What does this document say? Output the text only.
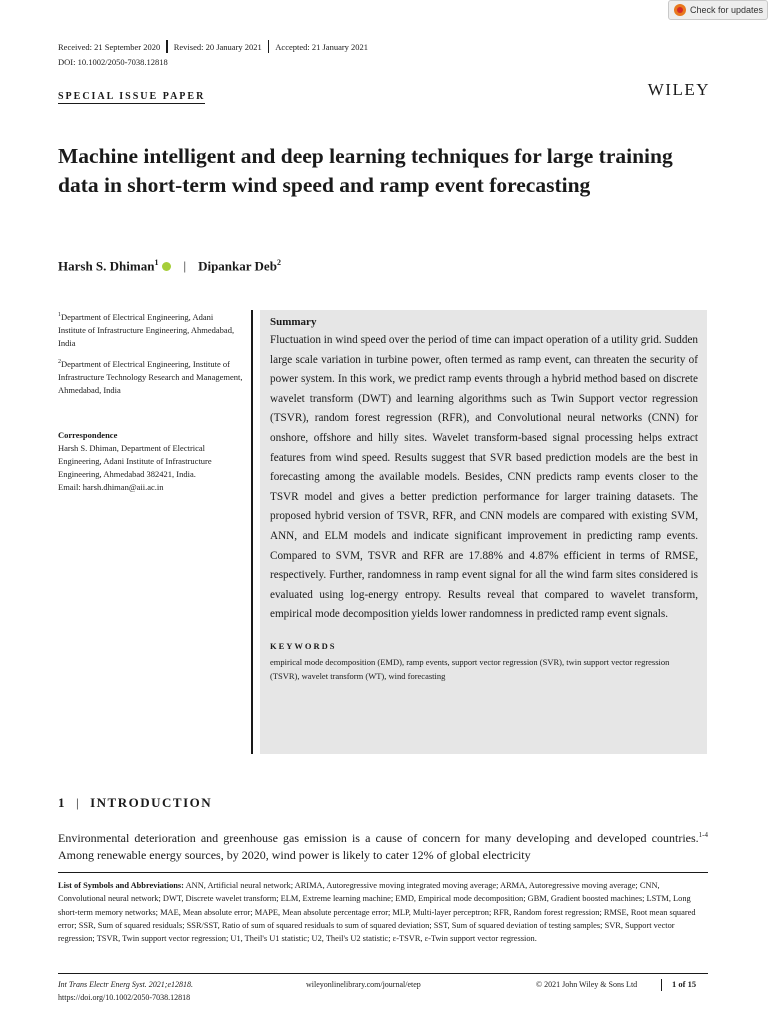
Check for updates
Received: 21 September 2020 Revised: 20 January 2021 Accepted: 21 January 2021
DOI: 10.1002/2050-7038.12818
SPECIAL ISSUE PAPER	WILEY
Machine intelligent and deep learning techniques for large training data in short-term wind speed and ramp event forecasting
Harsh S. Dhiman$^1$ | Dipankar Deb$^2$

$^1$Department of Electrical Engineering, Adani Institute of Infrastructure Engineering, Ahmedabad, India

$^2$Department of Electrical Engineering, Institute of Infrastructure Technology Research and Management, Ahmedabad, India

Correspondence
Harsh S. Dhiman, Department of Electrical Engineering, Adani Institute of Infrastructure Engineering, Ahmedabad 382421, India.
Email: harsh.dhiman@aii.ac.in
Summary

Fluctuation in wind speed over the period of time can impact operation of a utility grid. Sudden large scale variation in turbine power, often termed as ramp event, can threaten the security of power system. In this work, we predict ramp events through a hybrid method based on discrete wavelet transform (DWT) and learning algorithms such as Twin Support vector regression (TSVR), random forest regression (RFR), and Convolutional neural networks (CNN) for onshore, offshore and hilly sites. Wavelet transform-based signal processing helps extract features from wind speed. Results suggest that SVR based prediction models are the best in forecasting among the available models. Besides, CNN predicts ramp events closer to the TSVR model and gives a better prediction performance for larger training datasets. The proposed hybrid version of TSVR, RFR, and CNN models are compared with existing SVM, ANN, and ELM models and indicate significant improvement in predicting ramp events. Compared to SVM, TSVR and RFR are 17.88% and 4.87% efficient in terms of RMSE, respectively. Further, randomness in ramp event signal for all the wind farm sites considered is evaluated using log-energy entropy. Results reveal that compared to wavelet transform, empirical mode decomposition yields lower randomness in predicted ramp event signals.

KEYWORDS
empirical mode decomposition (EMD), ramp events, support vector regression (SVR), twin support vector regression (TSVR), wavelet transform (WT), wind forecasting
1 | INTRODUCTION

Environmental deterioration and greenhouse gas emission is a cause of concern for many developing and developed countries.$^{1-4}$ Among renewable energy sources, by 2020, wind power is likely to cater 12% of global electricity

List of Symbols and Abbreviations: ANN, Artificial neural network; ARIMA, Autoregressive moving integrated moving average; ARMA, Autoregressive moving average; CNN, Convolutional neural network; DWT, Discrete wavelet transform; ELM, Extreme learning machine; EMD, Empirical mode decomposition; GBM, Gradient boosted machines; LSTM, Long short-term memory networks; MAE, Mean absolute error; MAPE, Mean absolute percentage error; MLP, Multi-layer perceptron; RFR, Random forest regression; RMSE, Root mean squared error; SSR, Sum of squared residuals; SSR/SST, Ratio of sum of squared residuals to sum of squared deviation; SST, Sum of squared deviation of testing samples; SVR, Support vector regression; TSVR, Twin support vector regression; U1, Theil's U1 statistic; U2, Theil's U2 statistic; ε-TSVR, ε-Twin support vector regression.

Int Trans Electr Energ Syst. 2021;e12818.
https://doi.org/10.1002/2050-7038.12818
wileyonlinelibrary.com/journal/etep	© 2021 John Wiley & Sons Ltd	1 of 15
